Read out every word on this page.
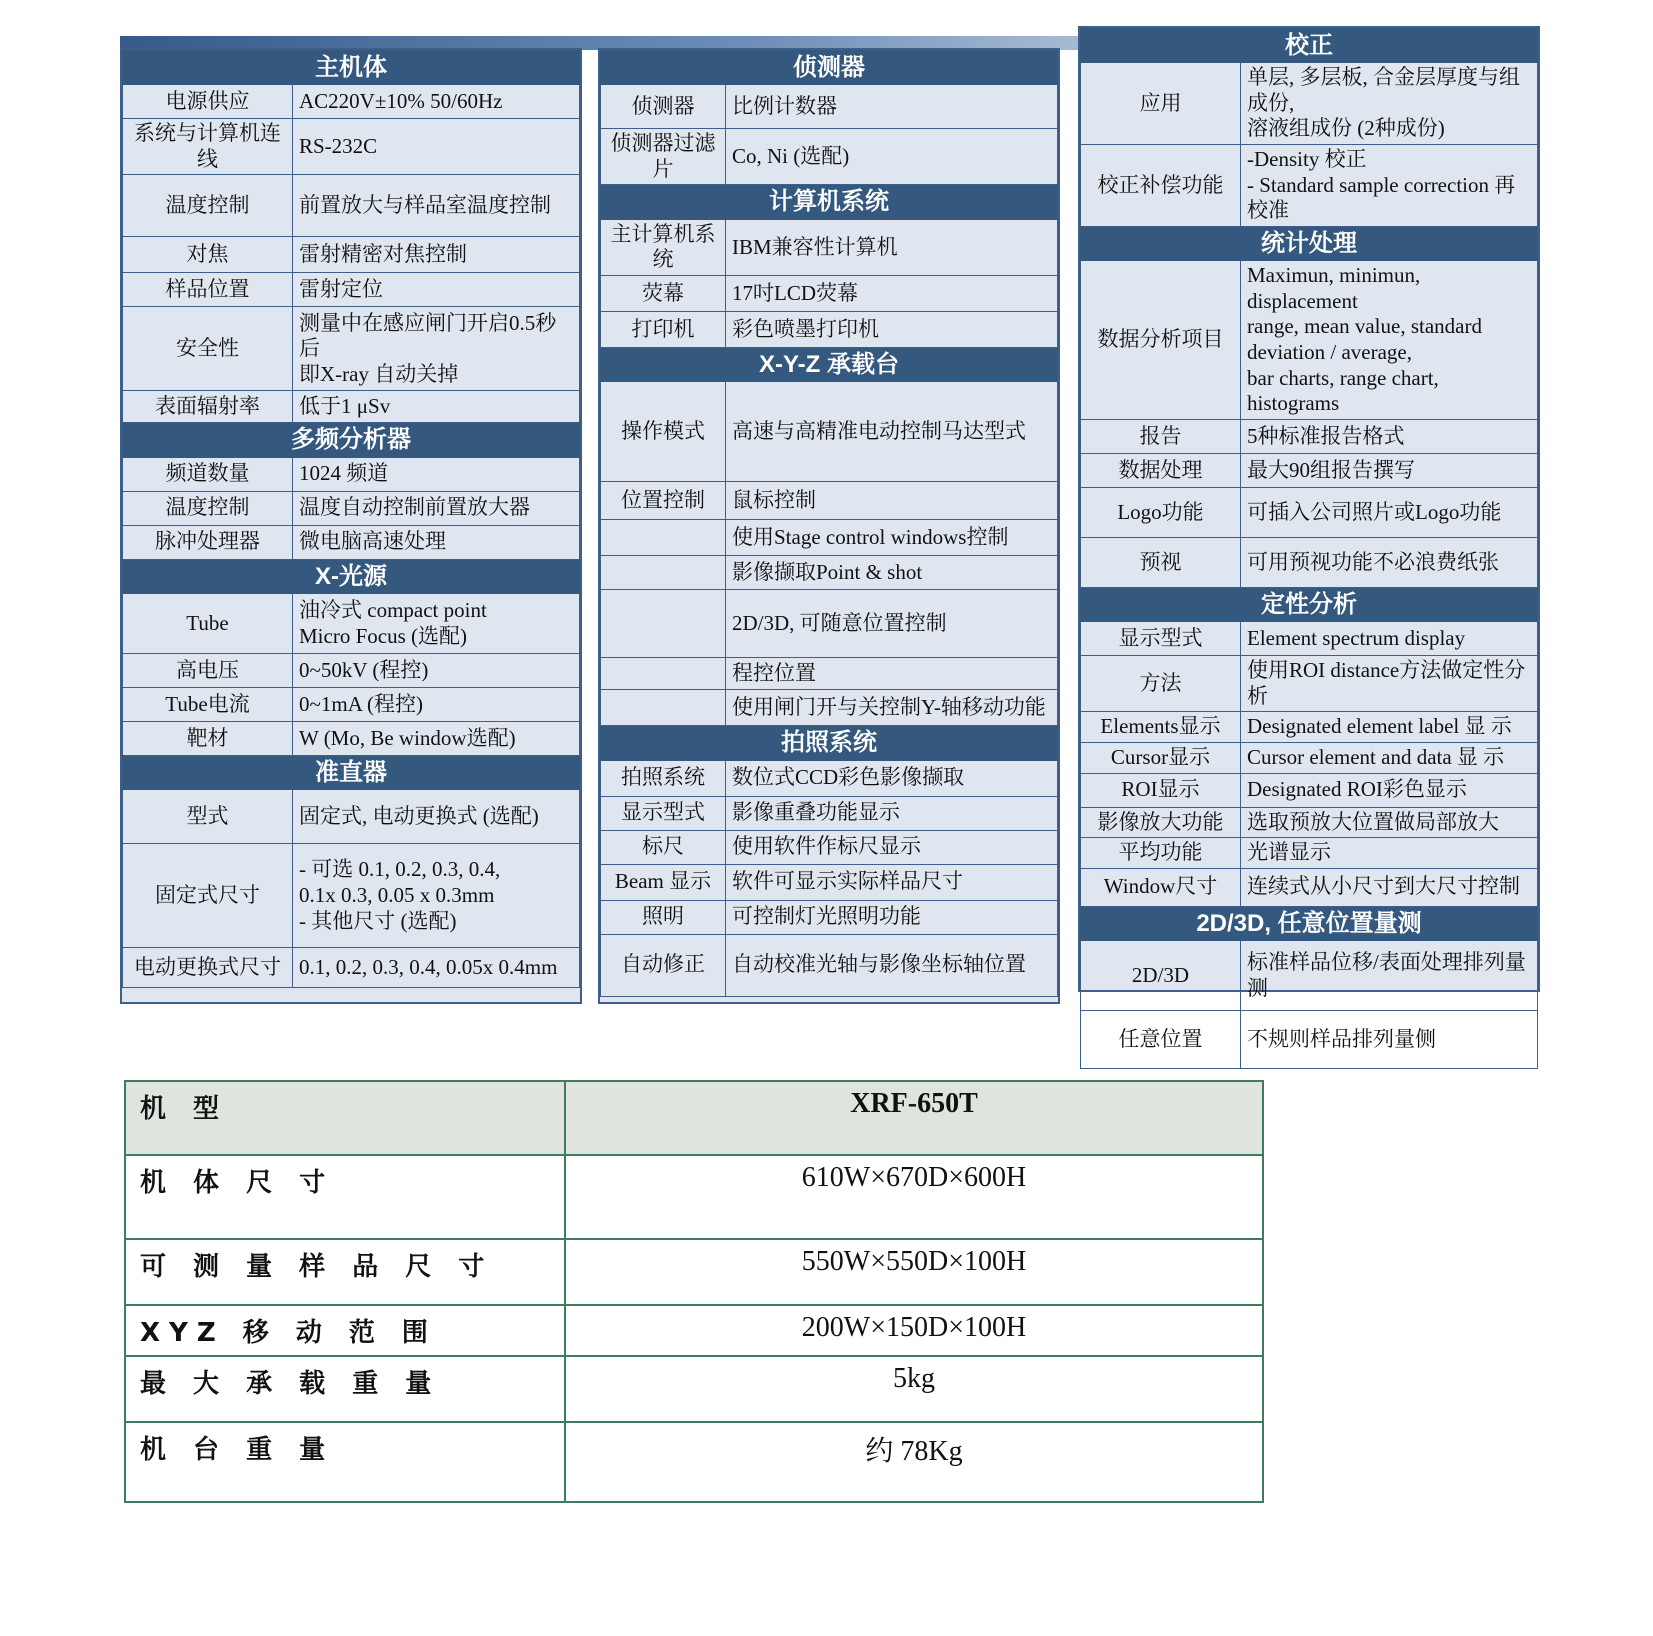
主机体	
电源供应	AC220V±10% 50/60Hz

系统与计算机连线	RS-232C

温度控制	前置放大与样品室温度控制

对焦	雷射精密对焦控制

样品位置	雷射定位

安全性	测量中在感应闸门开启0.5秒后
即X-ray 自动关掉

表面辐射率	低于1 μSv

多频分析器	
频道数量	1024 频道

温度控制	温度自动控制前置放大器

脉冲处理器	微电脑高速处理

X-光源	
Tube	油冷式 compact point
Micro Focus (选配)

高电压	0~50kV (程控)

Tube电流	0~1mA (程控)

靶材	W (Mo, Be window选配)

准直器	
型式	固定式, 电动更换式 (选配)

固定式尺寸	- 可选 0.1, 0.2, 0.3, 0.4,
0.1x 0.3, 0.05 x 0.3mm
- 其他尺寸 (选配)

电动更换式尺寸	0.1, 0.2, 0.3, 0.4, 0.05x 0.4mm
侦测器	
侦测器	比例计数器

侦测器过滤片	Co, Ni (选配)

计算机系统	
主计算机系统	IBM兼容性计算机

荧幕	17吋LCD荧幕

打印机	彩色喷墨打印机

X-Y-Z 承载台	
操作模式	高速与高精准电动控制马达型式

位置控制	鼠标控制

	使用Stage control windows控制

	影像撷取Point & shot

	2D/3D, 可随意位置控制

	程控位置

	使用闸门开与关控制Y-轴移动功能

拍照系统	
拍照系统	数位式CCD彩色影像撷取

显示型式	影像重叠功能显示

标尺	使用软件作标尺显示

Beam 显示	软件可显示实际样品尺寸

照明	可控制灯光照明功能

自动修正	自动校准光轴与影像坐标轴位置
校正	
应用	单层, 多层板, 合金层厚度与组成份,
溶液组成份 (2种成份)

校正补偿功能	-Density 校正
- Standard sample correction 再校准

统计处理	
数据分析项目	Maximun, minimun, displacement
range, mean value, standard
deviation / average,
bar charts, range chart, histograms

报告	5种标准报告格式

数据处理	最大90组报告撰写

Logo功能	可插入公司照片或Logo功能

预视	可用预视功能不必浪费纸张

定性分析	
显示型式	Element spectrum display

方法	使用ROI distance方法做定性分析

Elements显示	Designated element label 显 示

Cursor显示	Cursor element and data 显 示

ROI显示	Designated ROI彩色显示

影像放大功能	选取预放大位置做局部放大

平均功能	光谱显示

Window尺寸	连续式从小尺寸到大尺寸控制

2D/3D, 任意位置量测	
2D/3D	标准样品位移/表面处理排列量测

任意位置	不规则样品排列量侧
机 型	XRF-650T
机 体 尺 寸	610W×670D×600H
可 测 量 样 品 尺 寸	550W×550D×100H
XYZ 移 动 范 围	200W×150D×100H
最 大 承 载 重 量	5kg
机 台 重 量	约 78Kg
